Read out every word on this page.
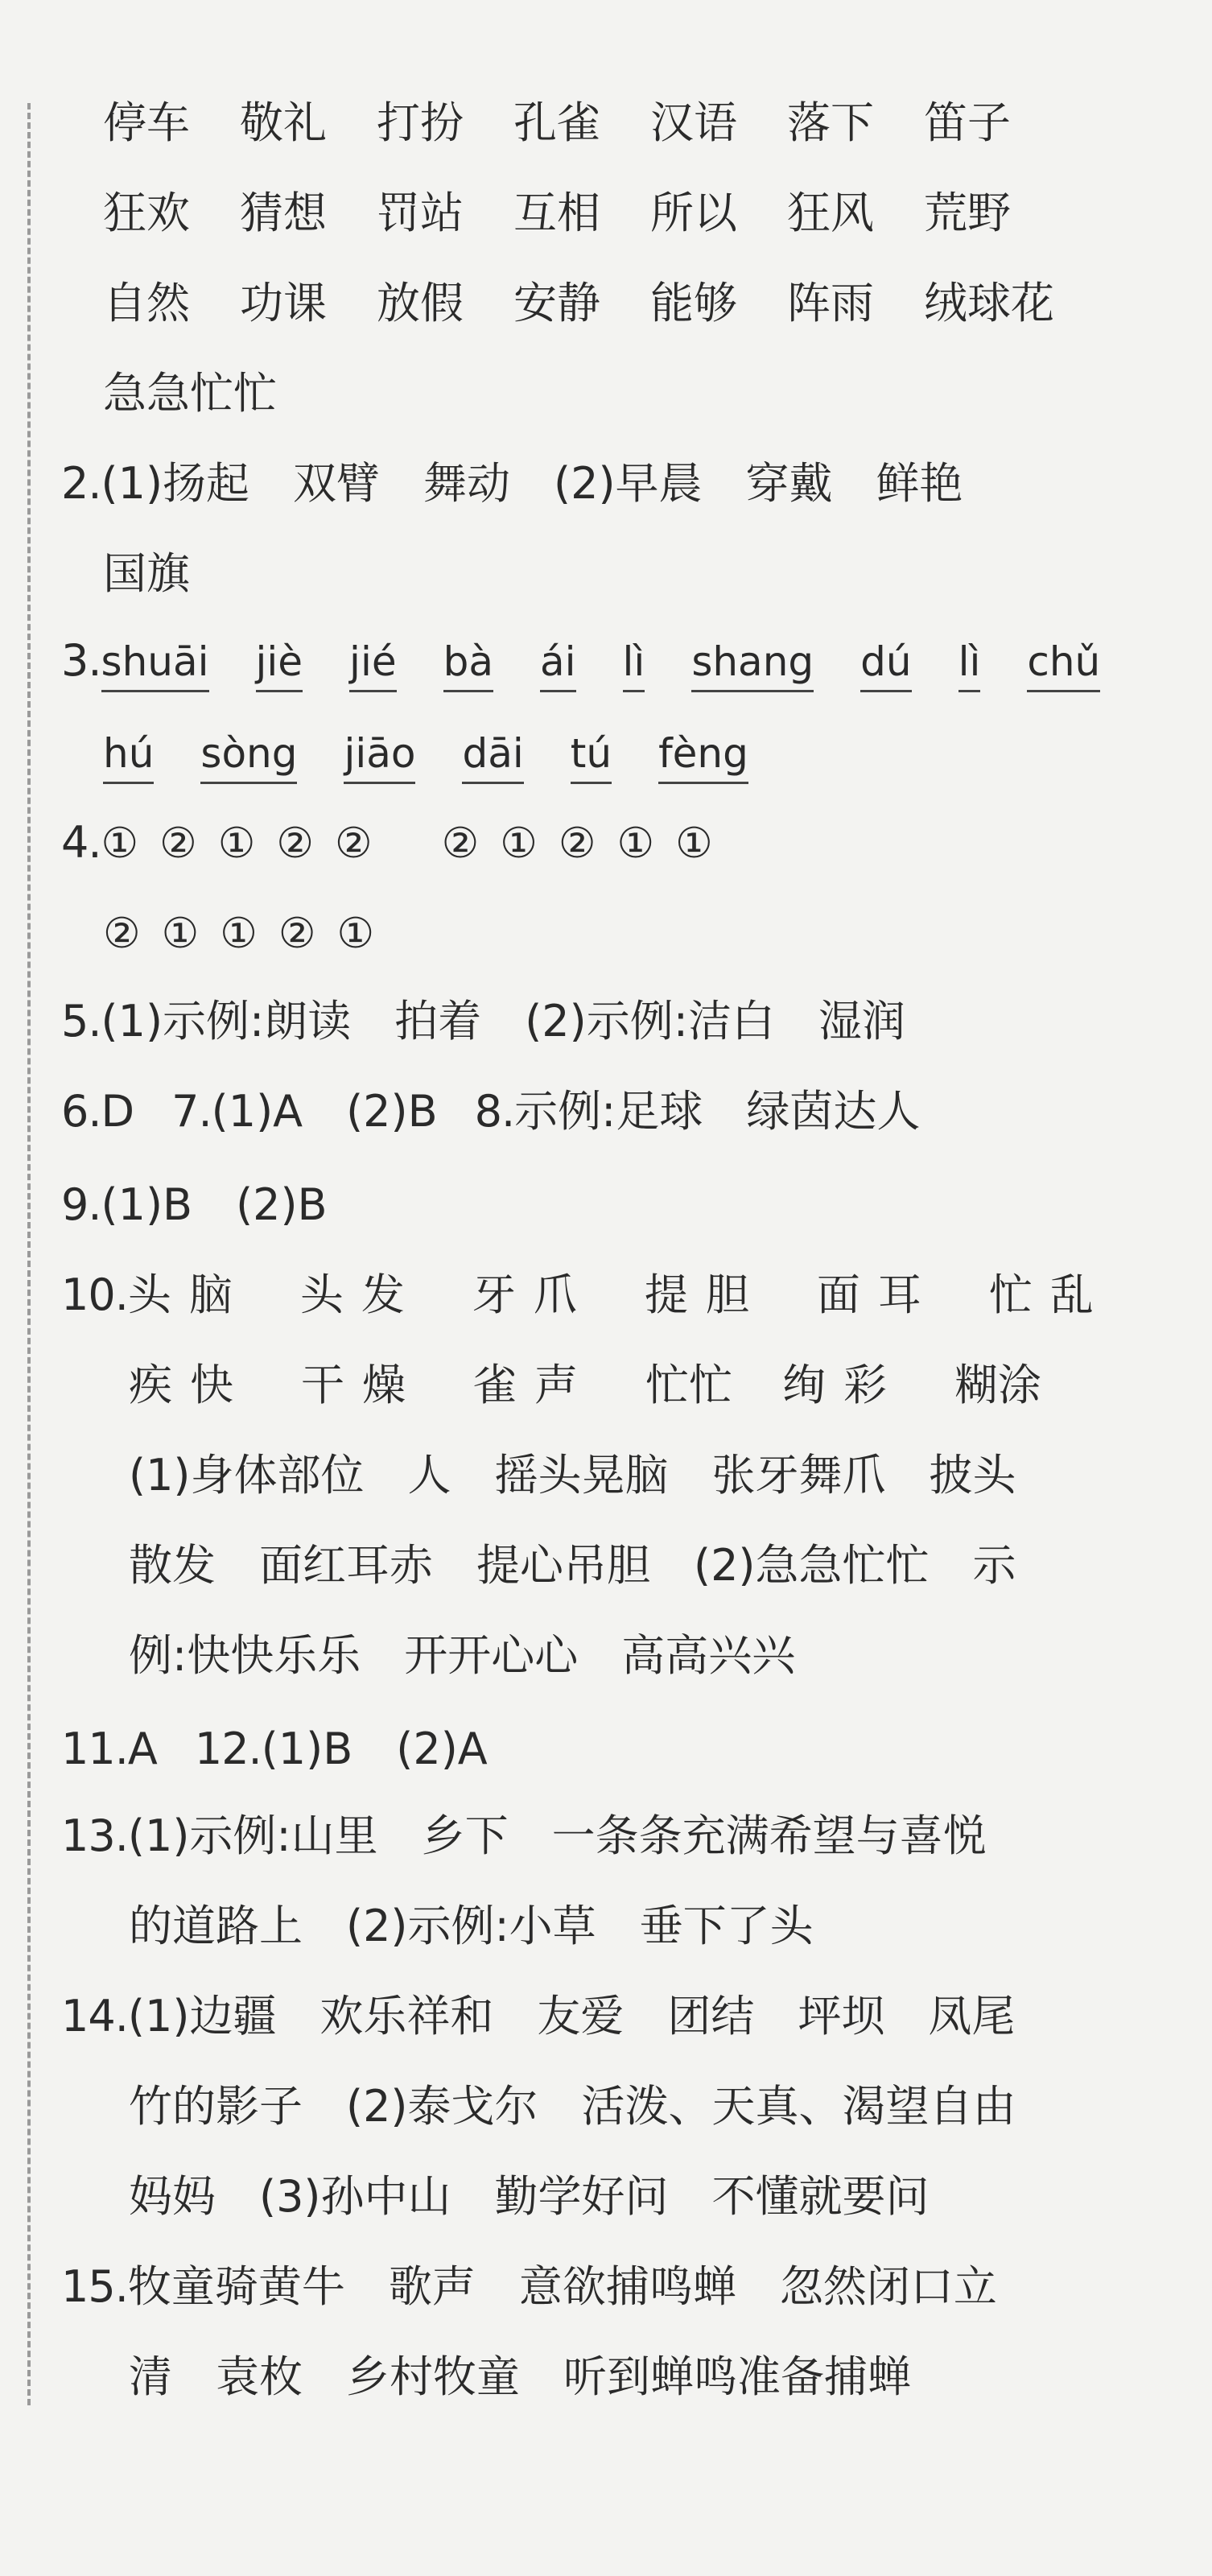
停车 敬礼 打扮 孔雀 汉语 落下 笛子
狂欢 猜想 罚站 互相 所以 狂风 荒野
自然 功课 放假 安静 能够 阵雨 绒球花
急急忙忙
2.(1)扬起　双臂　舞动　(2)早晨　穿戴　鲜艳
国旗
3.shuāi jiè jié bà ái lì shang dú lì chǔ
hú sòng jiāo dāi tú fèng
4.① ② ① ② ② ② ① ② ① ①
② ① ① ② ①
5.(1)示例:朗读　拍着　(2)示例:洁白　湿润
6.D 7.(1)A　(2)B 8.示例:足球　绿茵达人
9.(1)B　(2)B
10.头脑 头发 牙爪 提胆 面耳 忙乱
疾快 干燥 雀声 忙忙 绚彩 糊涂
(1)身体部位　人　摇头晃脑　张牙舞爪　披头
散发　面红耳赤　提心吊胆　(2)急急忙忙　示
例:快快乐乐　开开心心　高高兴兴
11.A 12.(1)B　(2)A
13.(1)示例:山里　乡下　一条条充满希望与喜悦
的道路上　(2)示例:小草　垂下了头
14.(1)边疆　欢乐祥和　友爱　团结　坪坝　凤尾
竹的影子　(2)泰戈尔　活泼、天真、渴望自由
妈妈　(3)孙中山　勤学好问　不懂就要问
15.牧童骑黄牛　歌声　意欲捕鸣蝉　忽然闭口立
清　袁枚　乡村牧童　听到蝉鸣准备捕蝉
